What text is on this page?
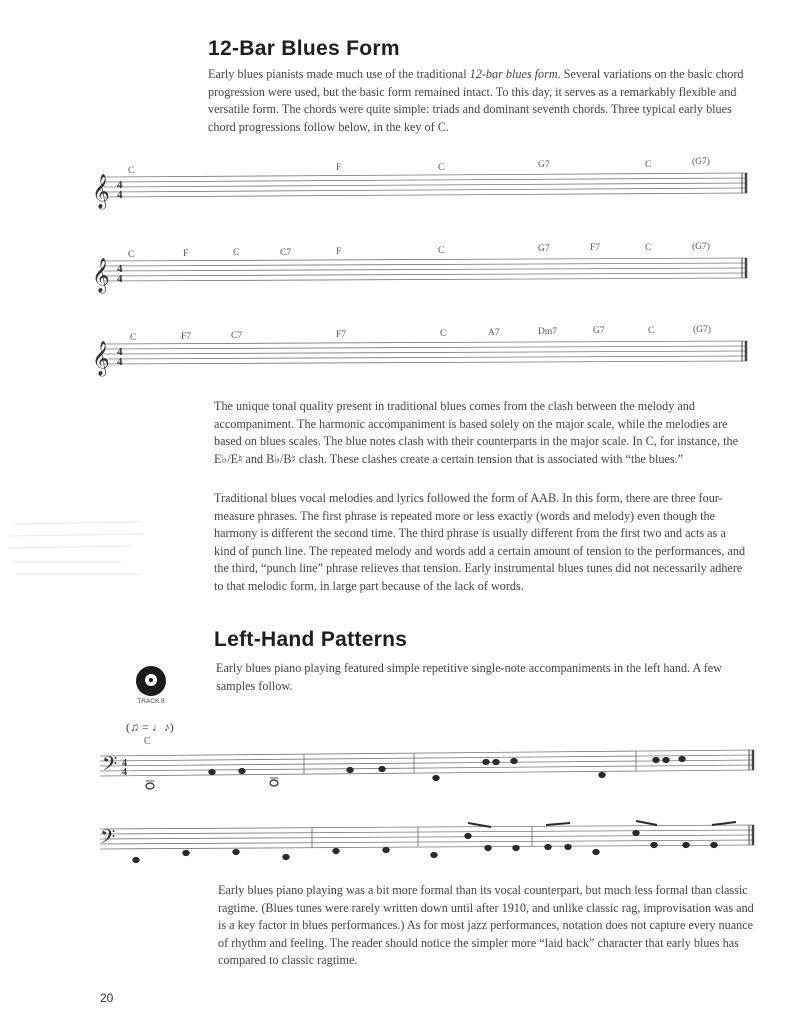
12-Bar Blues Form

Early blues pianists made much use of the traditional 12-bar blues form. Several variations on the basic chord progression were used, but the basic form remained intact. To this day, it serves as a remarkably flexible and versatile form. The chords were quite simple: triads and dominant seventh chords. Three typical early blues chord progressions follow below, in the key of C.

C	F	C	G7	C	(G7)
𝄞 4
4
C	F	C	C7	F	C	G7	F7	C	(G7)
𝄞 4
4
C	F7	C7	F7	C	A7	Dm7	G7	C	(G7)
𝄞 4
4

The unique tonal quality present in traditional blues comes from the clash between the melody and accompaniment. The harmonic accompaniment is based solely on the major scale, while the melodies are based on blues scales. The blue notes clash with their counterparts in the major scale. In C, for instance, the E♭/E♮ and B♭/B♮ clash. These clashes create a certain tension that is associated with “the blues.”

Traditional blues vocal melodies and lyrics followed the form of AAB. In this form, there are three four-measure phrases. The first phrase is repeated more or less exactly (words and melody) even though the harmony is different the second time. The third phrase is usually different from the first two and acts as a kind of punch line. The repeated melody and words add a certain amount of tension to the performances, and the third, “punch line” phrase relieves that tension. Early instrumental blues tunes did not necessarily adhere to that melodic form, in large part because of the lack of words.

Left-Hand Patterns

Early blues piano playing featured simple repetitive single-note accompaniments in the left hand. A few samples follow.

TRACK 8
(♫ = ♩♪)
C
𝄢 4
4
𝄢

Early blues piano playing was a bit more formal than its vocal counterpart, but much less formal than classic ragtime. (Blues tunes were rarely written down until after 1910, and unlike classic rag, improvisation was and is a key factor in blues performances.) As for most jazz performances, notation does not capture every nuance of rhythm and feeling. The reader should notice the simpler more “laid back” character that early blues has compared to classic ragtime.

20
